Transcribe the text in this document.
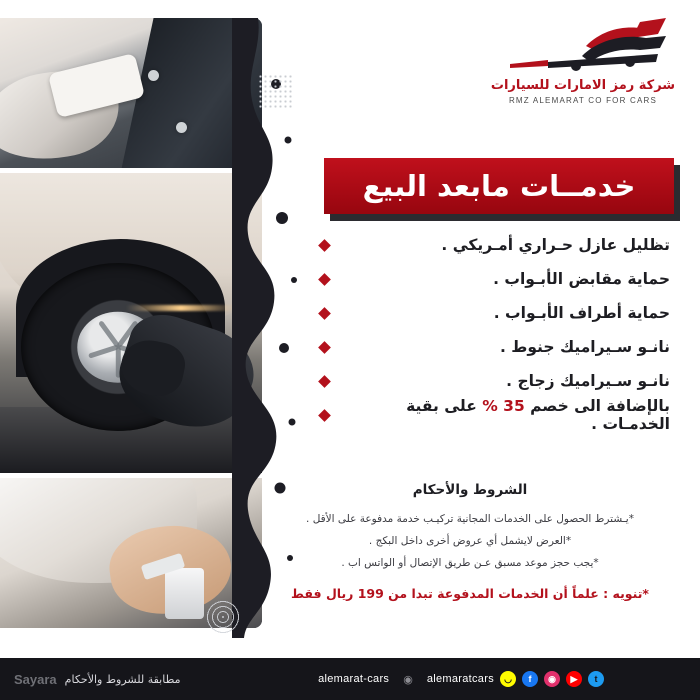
شركة رمز الامارات للسيارات
RMZ ALEMARAT CO FOR CARS
خدمــات مابعد البيع
تظليل عازل حـراري أمـريكي .
حماية مقابض الأبـواب .
حماية أطراف الأبـواب .
نانـو سـيراميك جنوط .
نانـو سـيراميك زجاج .
بالإضافة الى خصم 35 % على بقية الخدمـات .
الشروط والأحكام

*يـشترط الحصول على الخدمات المجانية تركيـب خدمة مدفوعة على الأقل .

*العرض لايشمل أي عروض أخرى داخل البكج .

*يجب حجز موعد مسبق عـن طريق الإتصال أو الواتس اب .

*تنويه : علماً أن الخدمات المدفوعة تبدا من 199 ريال فقط
t
▶
◉
f
◡
alemaratcars
◉
alemarat-cars
مطابقة للشروط والأحكام
Sayara
